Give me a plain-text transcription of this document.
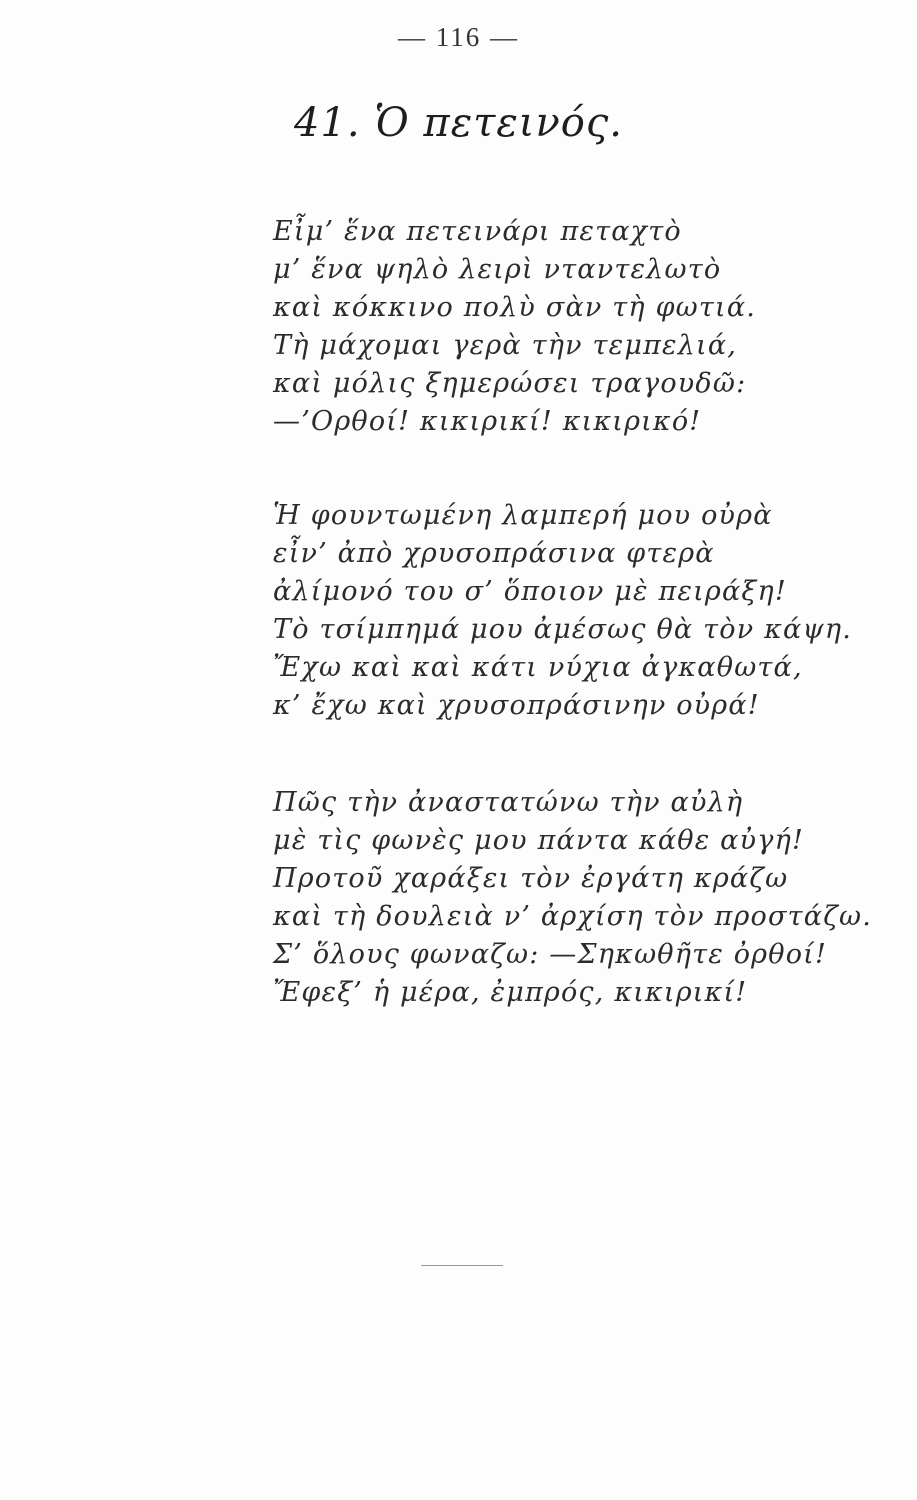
— 116 —
41. Ὁ πετεινός.
Εἶμ’ ἕνα πετεινάρι πεταχτὸ
μ’ ἕνα ψηλὸ λειρὶ νταντελωτὸ
καὶ κόκκινο πολὺ σὰν τὴ φωτιά.
Τὴ μάχομαι γερὰ τὴν τεμπελιά,
καὶ μόλις ξημερώσει τραγουδῶ:
—’Ορθοί! κικιρικί! κικιρικό!
Ἡ φουντωμένη λαμπερή μου οὐρὰ
εἶν’ ἀπὸ χρυσοπράσινα φτερὰ
ἀλίμονό του σ’ ὅποιον μὲ πειράξη!
Τὸ τσίμπημά μου ἀμέσως θὰ τὸν κάψη.
Ἔχω καὶ καὶ κάτι νύχια ἀγκαθωτά,
κ’ ἔχω καὶ χρυσοπράσινην οὐρά!
Πῶς τὴν ἀναστατώνω τὴν αὐλὴ
μὲ τὶς φωνὲς μου πάντα κάθε αὐγή!
Προτοῦ χαράξει τὸν ἐργάτη κράζω
καὶ τὴ δουλειὰ ν’ ἀρχίση τὸν προστάζω.
Σ’ ὅλους φωναζω: —Σηκωθῆτε ὀρθοί!
Ἔφεξ’ ἡ μέρα, ἐμπρός, κικιρικί!
